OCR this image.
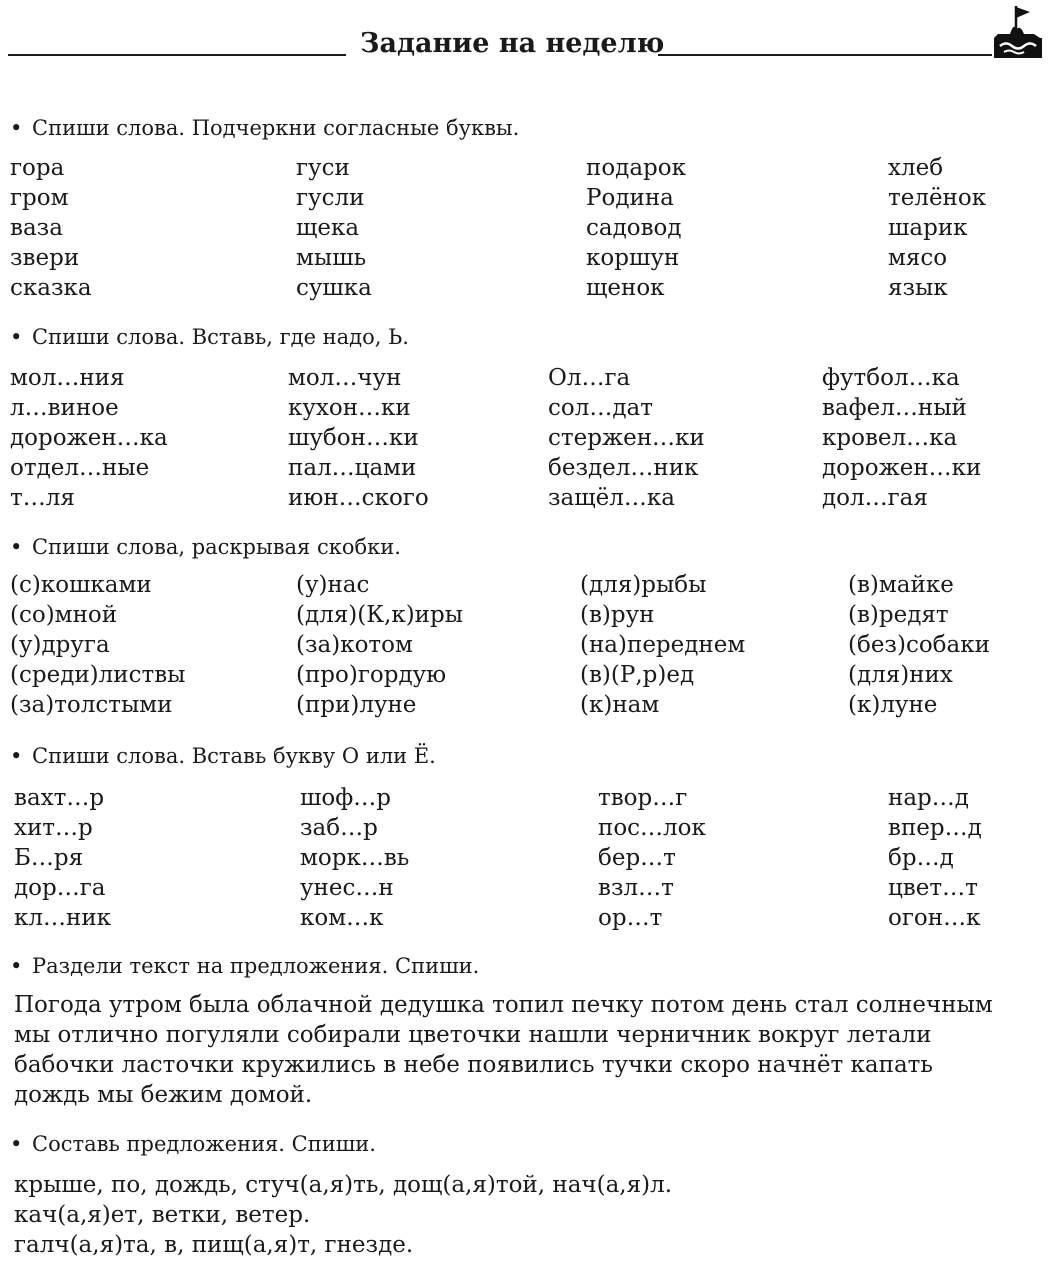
Задание на неделю
• Спиши слова. Подчеркни согласные буквы.
гора
гром
ваза
звери
сказка
гуси
гусли
щека
мышь
сушка
подарок
Родина
садовод
коршун
щенок
хлеб
телёнок
шарик
мясо
язык
• Спиши слова. Вставь, где надо, Ь.
мол…ния
л…виное
дорожен…ка
отдел…ные
т…ля
мол…чун
кухон…ки
шубон…ки
пал…цами
июн…ского
Ол…га
сол…дат
стержен…ки
бездел…ник
защёл…ка
футбол…ка
вафел…ный
кровел…ка
дорожен…ки
дол…гая
• Спиши слова, раскрывая скобки.
(с)кошками
(со)мной
(у)друга
(среди)листвы
(за)толстыми
(у)нас
(для)(К,к)иры
(за)котом
(про)гордую
(при)луне
(для)рыбы
(в)рун
(на)переднем
(в)(Р,р)ед
(к)нам
(в)майке
(в)редят
(без)собаки
(для)них
(к)луне
• Спиши слова. Вставь букву О или Ё.
вахт…р
хит…р
Б…ря
дор…га
кл…ник
шоф…р
заб…р
морк…вь
унес…н
ком…к
твор…г
пос…лок
бер…т
взл…т
ор…т
нар…д
впер…д
бр…д
цвет…т
огон…к
• Раздели текст на предложения. Спиши.
Погода утром была облачной дедушка топил печку потом день стал солнечным
мы отлично погуляли собирали цветочки нашли черничник вокруг летали
бабочки ласточки кружились в небе появились тучки скоро начнёт капать
дождь мы бежим домой.
• Составь предложения. Спиши.
крыше, по, дождь, стуч(а,я)ть, дощ(а,я)той, нач(а,я)л.
кач(а,я)ет, ветки, ветер.
галч(а,я)та, в, пищ(а,я)т, гнезде.
